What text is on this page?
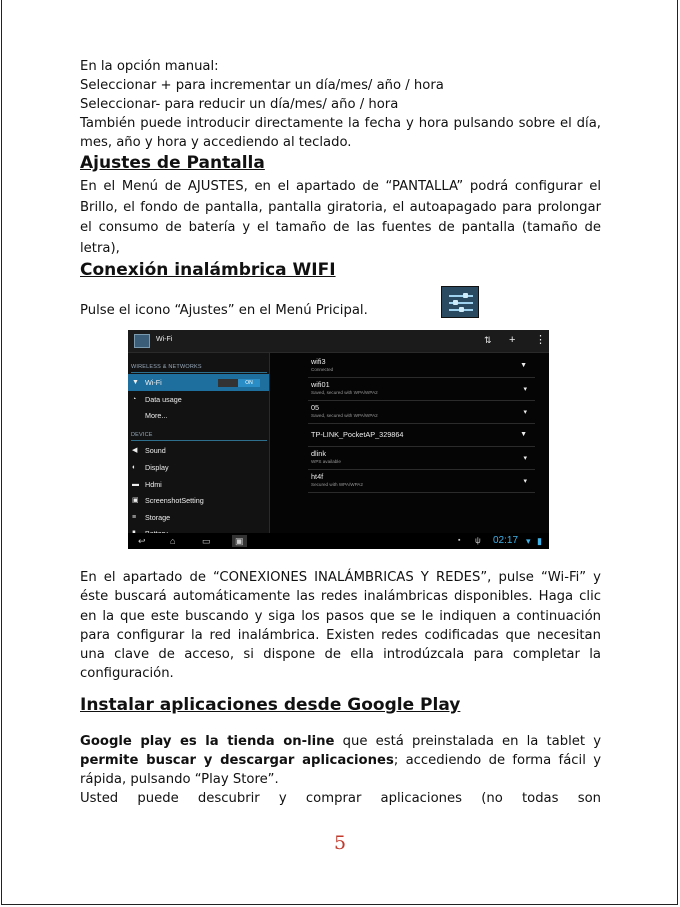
En la opción manual:

Seleccionar + para incrementar un día/mes/ año / hora

Seleccionar- para reducir un día/mes/ año / hora

También puede introducir directamente la fecha y hora pulsando sobre el día, mes, año y hora y accediendo al teclado.

Ajustes de Pantalla

En el Menú de AJUSTES, en el apartado de “PANTALLA” podrá configurar el Brillo, el fondo de pantalla, pantalla giratoria, el autoapagado para prolongar el consumo de batería y el tamaño de las fuentes de pantalla (tamaño de letra),

Conexión inalámbrica WIFI

Pulse el icono “Ajustes” en el Menú Pricipal.

Wi-Fi	⇅ + ⋮
WIRELESS & NETWORKS
▼ Wi-Fi	ON
◔	Data usage
More...
DEVICE
◀ Sound
◐	Display
▬ Hdmi
▣ ScreenshotSetting
≡	Storage
wifi3
Connected
▼
wifi01
Saved, secured with WPA/WPA2	▾
05
Saved, secured with WPA/WPA2	▾
TP-LINK_PocketAP_329864	▼
dlink
WPS available	▾
ht4f
Secured with WPA/WPA2	▾
↩	⌂	▭	▣	▪ ψ 02:17 ▾ ▮

En el apartado de “CONEXIONES INALÁMBRICAS Y REDES”, pulse “Wi-Fi” y éste buscará automáticamente las redes inalámbricas disponibles. Haga clic en la que este buscando y siga los pasos que se le indiquen a continuación para configurar la red inalámbrica. Existen redes codificadas que necesitan una clave de acceso, si dispone de ella introdúzcala para completar la configuración.

Instalar aplicaciones desde Google Play

Google play es la tienda on-line que está preinstalada en la tablet y permite buscar y descargar aplicaciones; accediendo de forma fácil y rápida, pulsando “Play Store”.

Usted puede descubrir y comprar aplicaciones (no todas son

5
